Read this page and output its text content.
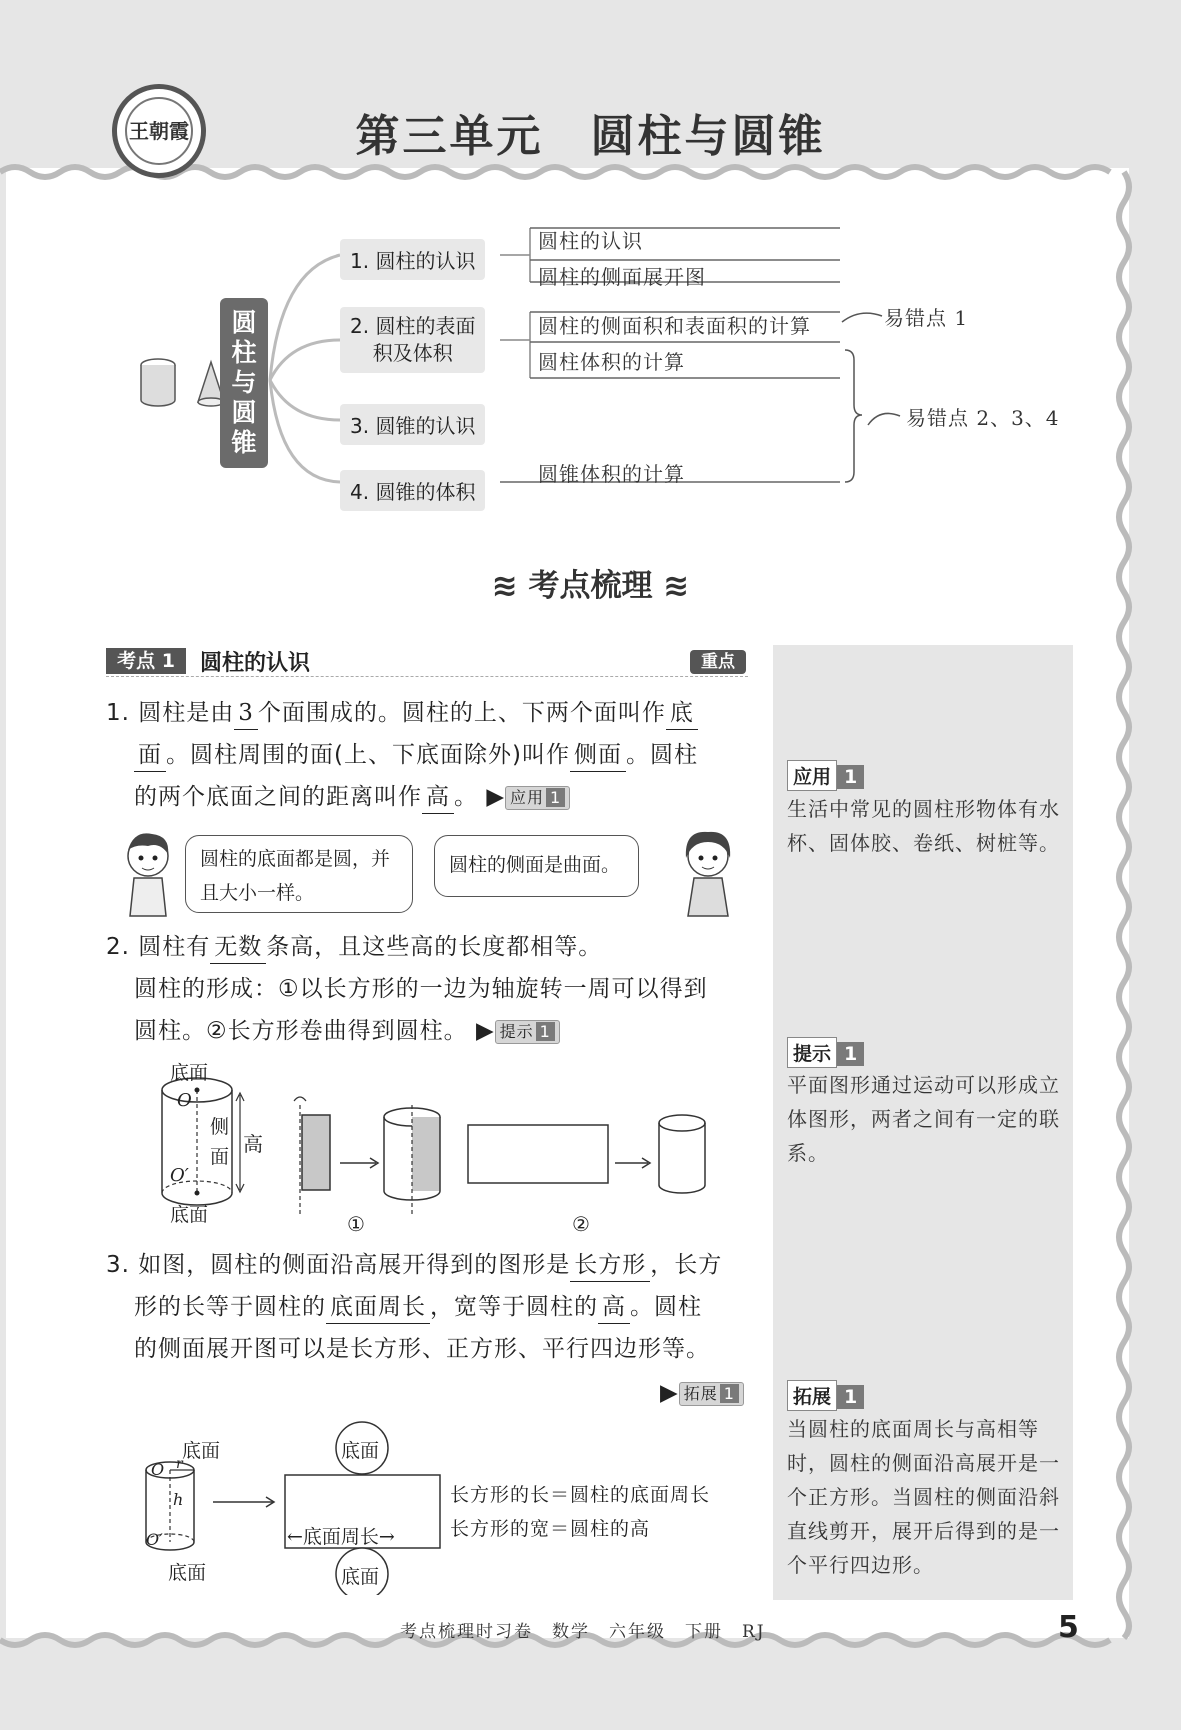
王朝霞	第三单元　圆柱与圆锥
圆柱与圆锥
1. 圆柱的认识
2. 圆柱的表面
积及体积
3. 圆锥的认识
4. 圆锥的体积
圆柱的认识
圆柱的侧面展开图
圆柱的侧面积和表面积的计算
圆柱体积的计算
圆锥体积的计算
易错点 1
易错点 2、3、4
≋ 考点梳理 ≋
考点 1	圆柱的认识	重点
1. 圆柱是由 3 个面围成的。圆柱的上、下两个面叫作 底
面 。圆柱周围的面(上、下底面除外)叫作 侧面 。圆柱
的两个底面之间的距离叫作 高 。 ▶ 应用 1
圆柱的底面都是圆，并且大小一样。
圆柱的侧面是曲面。
2. 圆柱有 无数 条高，且这些高的长度都相等。
圆柱的形成：①以长方形的一边为轴旋转一周可以得到
圆柱。②长方形卷曲得到圆柱。 ▶ 提示 1
底面
底面
O
O′
侧面
高
①	②
3. 如图，圆柱的侧面沿高展开得到的图形是 长方形 ，长方
形的长等于圆柱的 底面周长 ，宽等于圆柱的 高 。圆柱
的侧面展开图可以是长方形、正方形、平行四边形等。
▶ 拓展 1
底面
底面
O r
h
O′
底面
底面
←底面周长→
长方形的长＝圆柱的底面周长
长方形的宽＝圆柱的高
应用 1
生活中常见的圆柱形物体有水杯、固体胶、卷纸、树桩等。
提示 1
平面图形通过运动可以形成立体图形，两者之间有一定的联系。
拓展 1
当圆柱的底面周长与高相等时，圆柱的侧面沿高展开是一个正方形。当圆柱的侧面沿斜直线剪开，展开后得到的是一个平行四边形。
考点梳理时习卷　数学　六年级　下册　RJ	5
